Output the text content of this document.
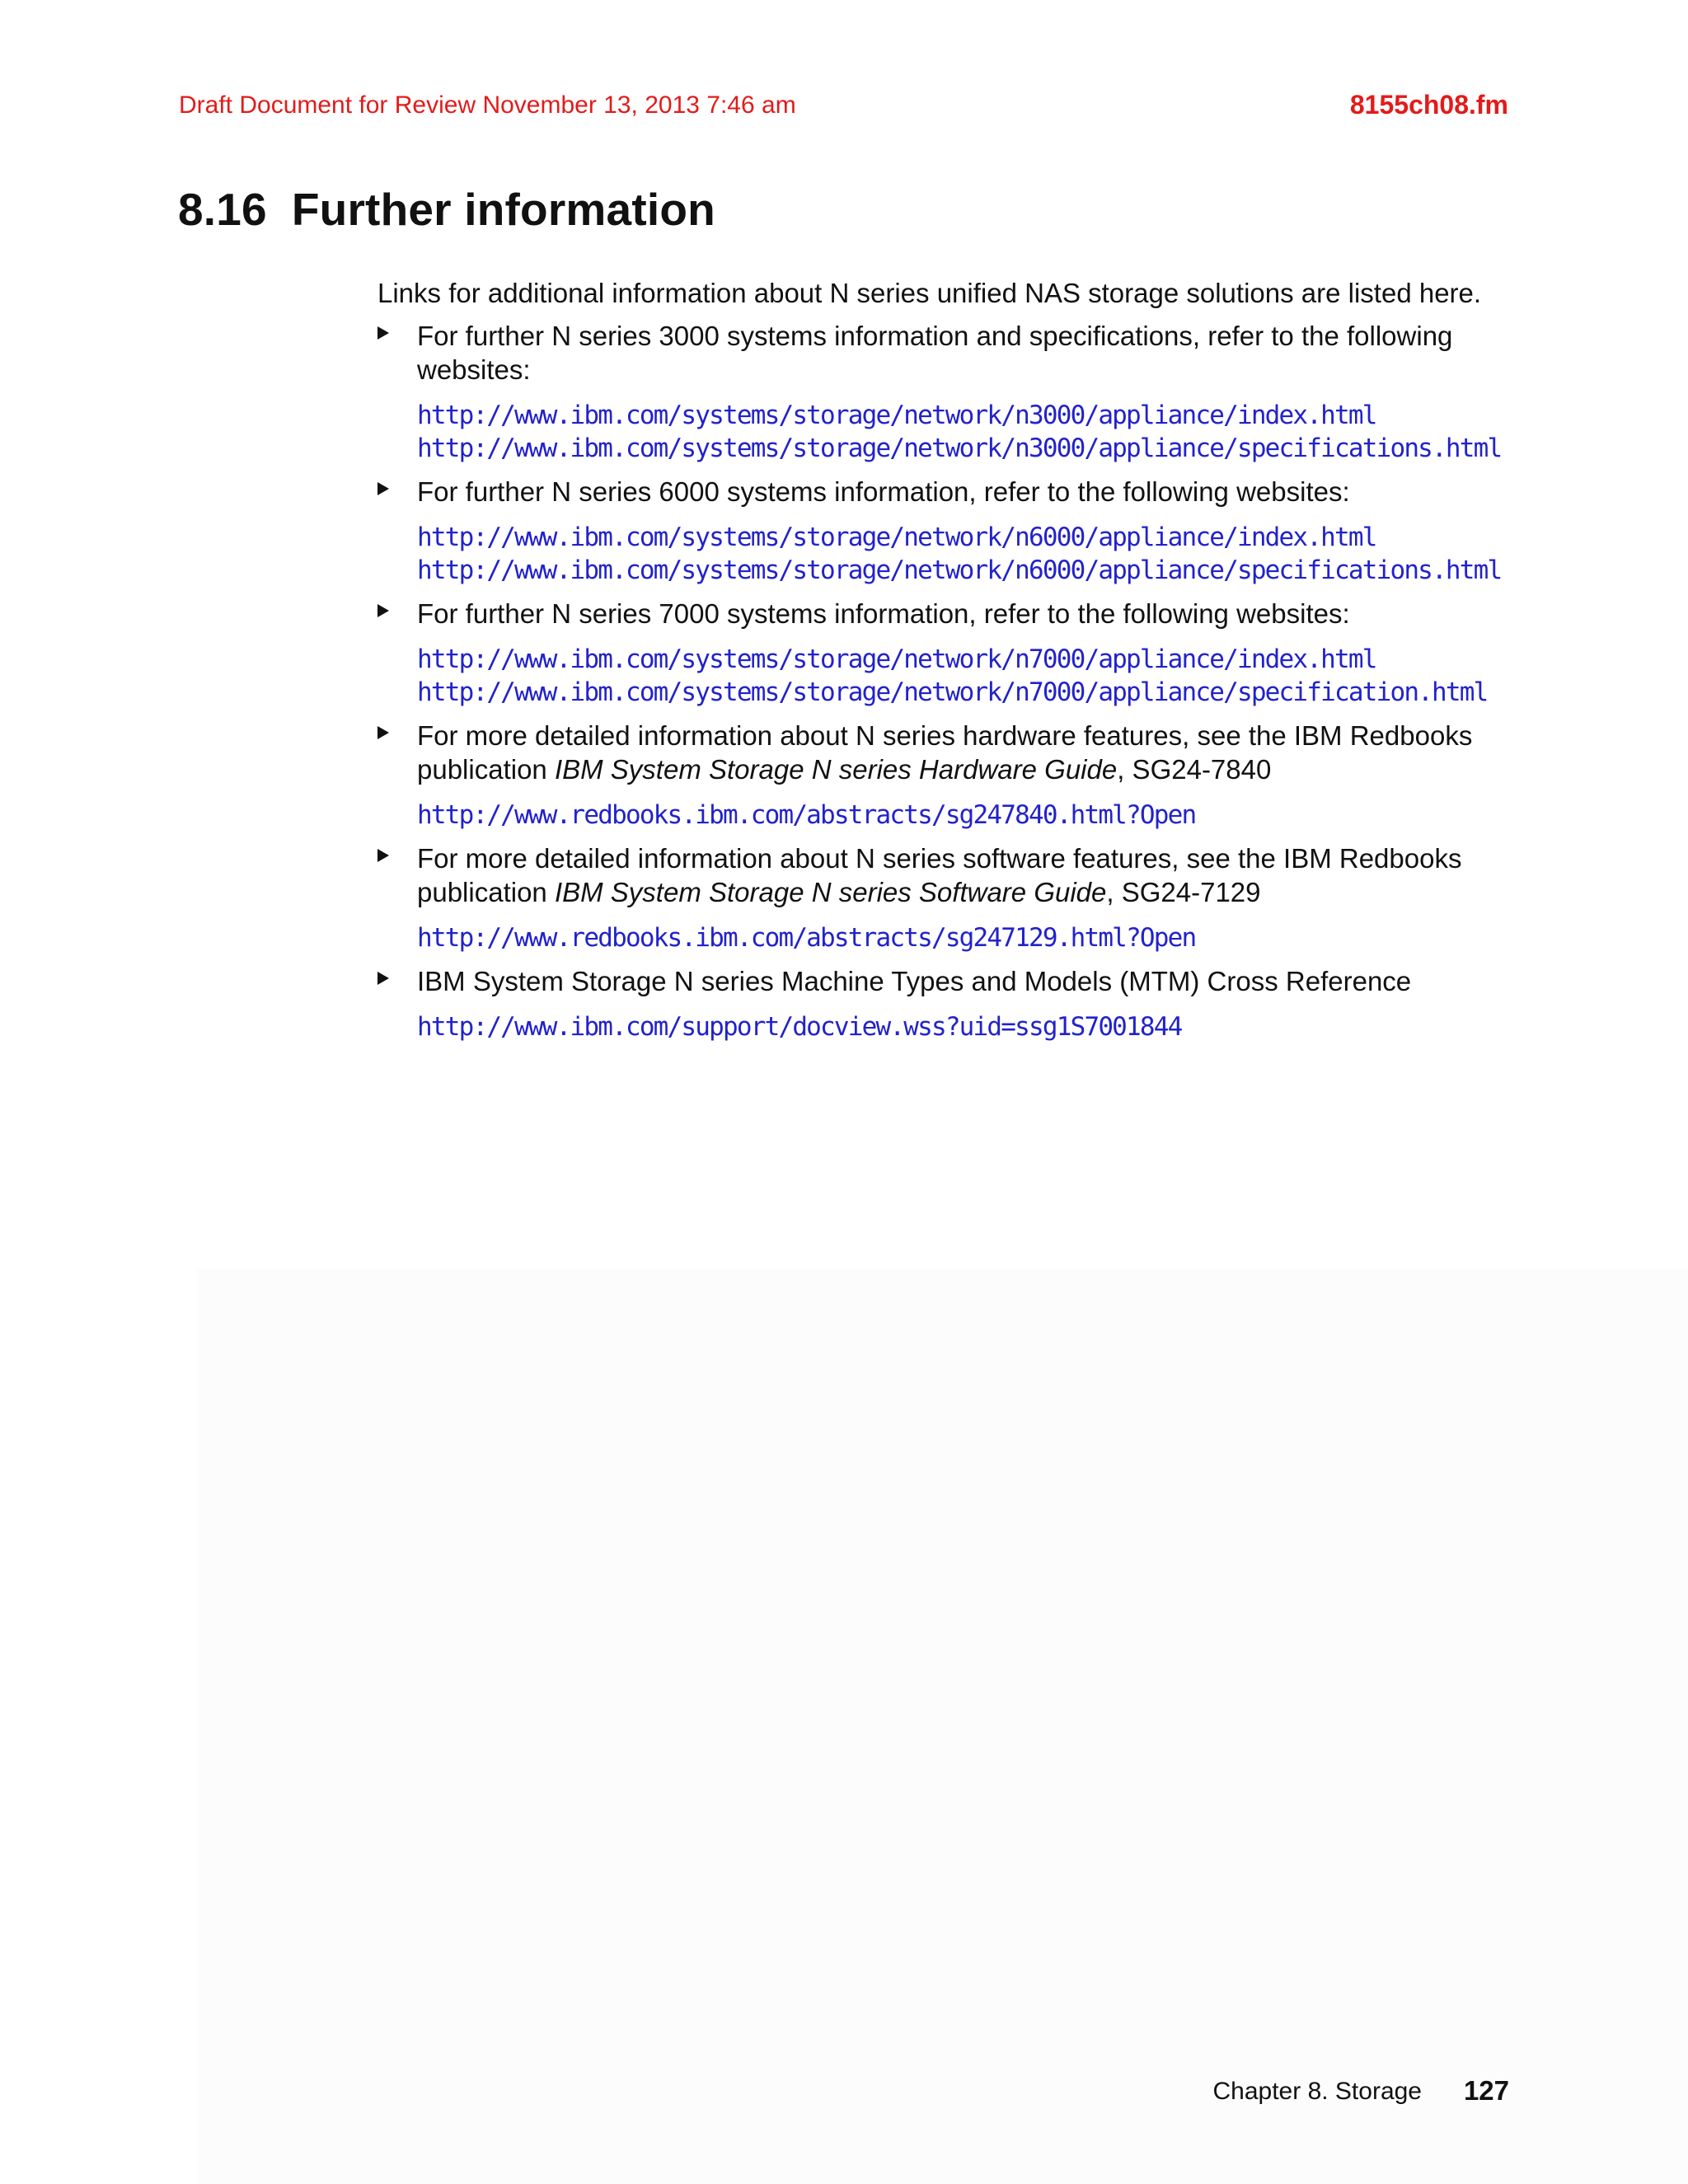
Draft Document for Review November 13, 2013 7:46 am	8155ch08.fm
8.16 Further information

Links for additional information about N series unified NAS storage solutions are listed here.

For further N series 3000 systems information and specifications, refer to the following websites:

http://www.ibm.com/systems/storage/network/n3000/appliance/index.html
http://www.ibm.com/systems/storage/network/n3000/appliance/specifications.html

For further N series 6000 systems information, refer to the following websites:

http://www.ibm.com/systems/storage/network/n6000/appliance/index.html
http://www.ibm.com/systems/storage/network/n6000/appliance/specifications.html

For further N series 7000 systems information, refer to the following websites:

http://www.ibm.com/systems/storage/network/n7000/appliance/index.html
http://www.ibm.com/systems/storage/network/n7000/appliance/specification.html

For more detailed information about N series hardware features, see the IBM Redbooks publication IBM System Storage N series Hardware Guide, SG24-7840

http://www.redbooks.ibm.com/abstracts/sg247840.html?Open

For more detailed information about N series software features, see the IBM Redbooks publication IBM System Storage N series Software Guide, SG24-7129

http://www.redbooks.ibm.com/abstracts/sg247129.html?Open

IBM System Storage N series Machine Types and Models (MTM) Cross Reference

http://www.ibm.com/support/docview.wss?uid=ssg1S7001844
Chapter 8. Storage 127
